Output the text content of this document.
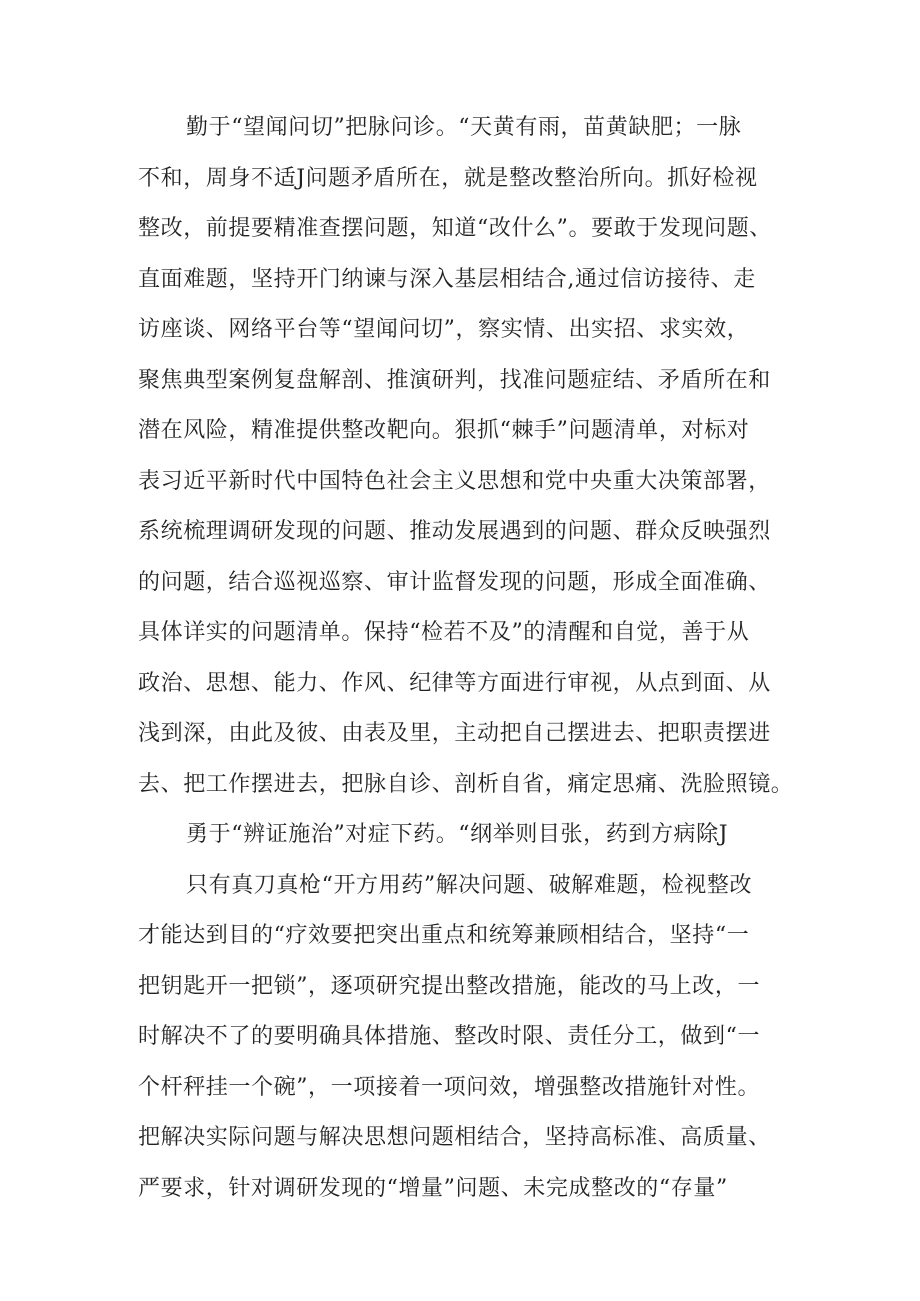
勤于“望闻问切”把脉问诊。“天黄有雨，苗黄缺肥；一脉
不和，周身不适J问题矛盾所在，就是整改整治所向。抓好检视
整改，前提要精准查摆问题，知道“改什么”。要敢于发现问题、
直面难题，坚持开门纳谏与深入基层相结合,通过信访接待、走
访座谈、网络平台等“望闻问切”，察实情、出实招、求实效，
聚焦典型案例复盘解剖、推演研判，找准问题症结、矛盾所在和
潜在风险，精准提供整改靶向。狠抓“棘手”问题清单，对标对
表习近平新时代中国特色社会主义思想和党中央重大决策部署，
系统梳理调研发现的问题、推动发展遇到的问题、群众反映强烈
的问题，结合巡视巡察、审计监督发现的问题，形成全面准确、
具体详实的问题清单。保持“检若不及”的清醒和自觉，善于从
政治、思想、能力、作风、纪律等方面进行审视，从点到面、从
浅到深，由此及彼、由表及里，主动把自己摆进去、把职责摆进
去、把工作摆进去，把脉自诊、剖析自省，痛定思痛、洗脸照镜。
勇于“辨证施治”对症下药。“纲举则目张，药到方病除J
只有真刀真枪“开方用药”解决问题、破解难题，检视整改
才能达到目的“疗效要把突出重点和统筹兼顾相结合，坚持“一
把钥匙开一把锁”，逐项研究提出整改措施，能改的马上改，一
时解决不了的要明确具体措施、整改时限、责任分工，做到“一
个杆秤挂一个碗”，一项接着一项问效，增强整改措施针对性。
把解决实际问题与解决思想问题相结合，坚持高标准、高质量、
严要求，针对调研发现的“增量”问题、未完成整改的“存量”
